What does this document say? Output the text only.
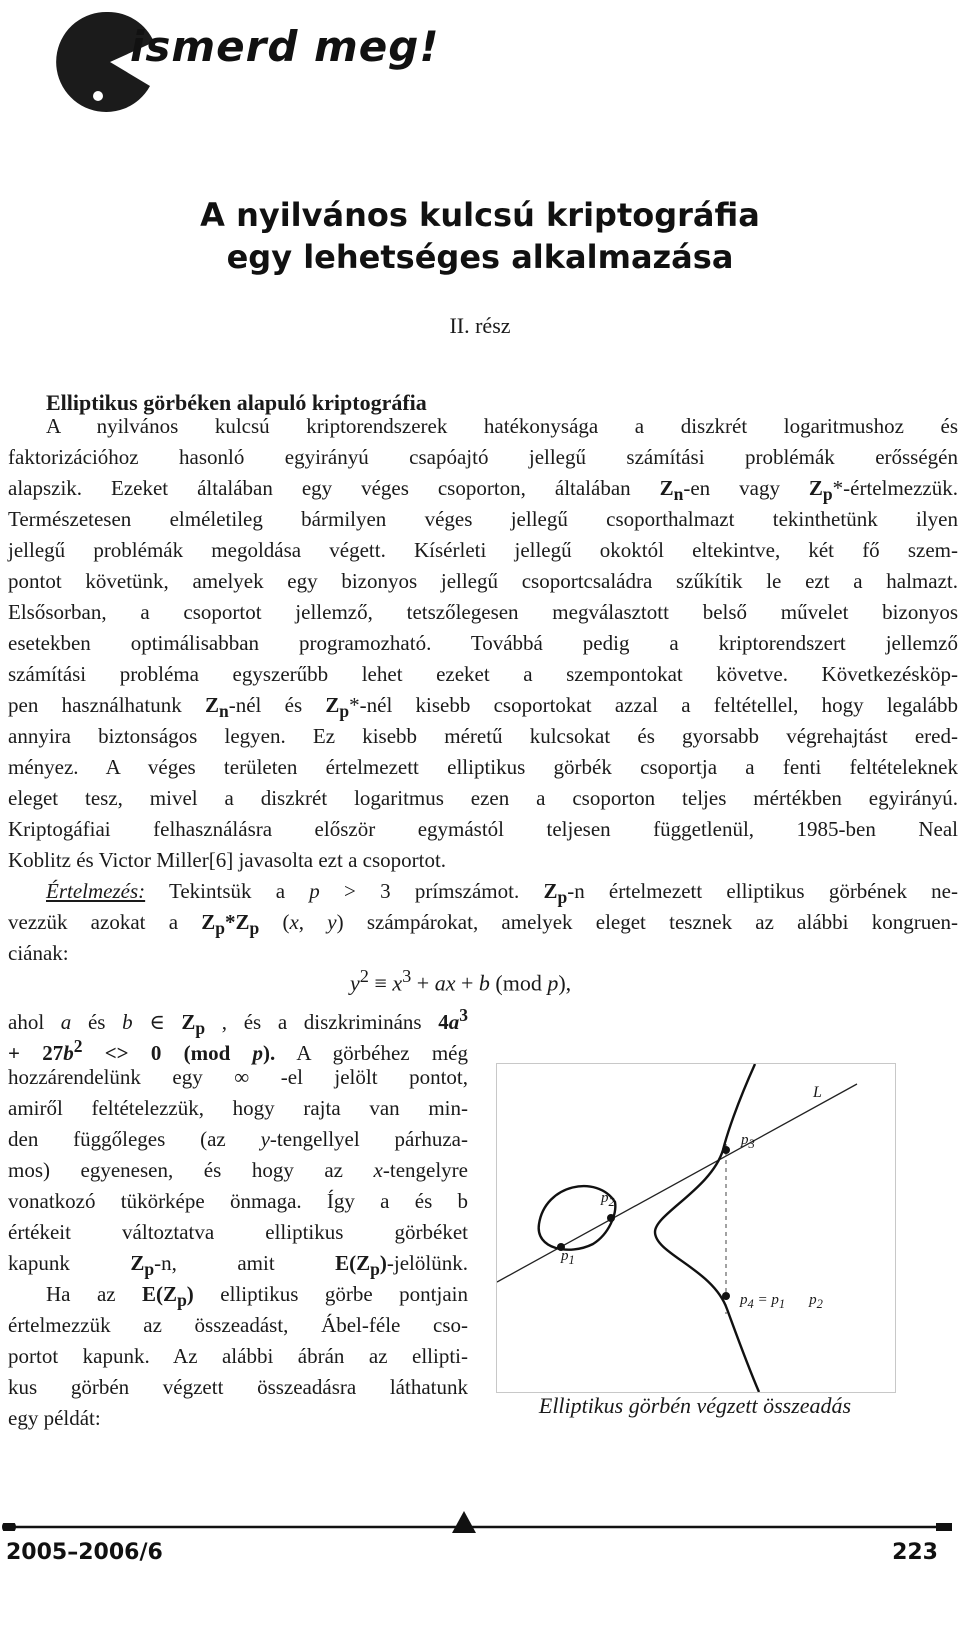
ismerd meg!
A nyilvános kulcsú kriptográfia
egy lehetséges alkalmazása
II. rész
Elliptikus görbéken alapuló kriptográfia
A nyilvános kulcsú kriptorendszerek hatékonysága a diszkrét logaritmushoz és
faktorizációhoz hasonló egyirányú csapóajtó jellegű számítási problémák erősségén
alapszik. Ezeket általában egy véges csoporton, általában $Z_n-en$ vagy $Z_p*$-értelmezzük.
Természetesen elméletileg bármilyen véges jellegű csoporthalmazt tekinthetünk ilyen
jellegű problémák megoldása végett. Kísérleti jellegű okoktól eltekintve, két fő szem-
pontot követünk, amelyek egy bizonyos jellegű csoportcsaládra szűkítik le ezt a halmazt.
Elsősorban, a csoportot jellemző, tetszőlegesen megválasztott belső művelet bizonyos
esetekben optimálisabban programozható. Továbbá pedig a kriptorendszert jellemző
számítási probléma egyszerűbb lehet ezeket a szempontokat követve. Következésköp-
pen használhatunk $Z_n$-nél és $Z_p*$-nél kisebb csoportokat azzal a feltétellel, hogy legalább
annyira biztonságos legyen. Ez kisebb méretű kulcsokat és gyorsabb végrehajtást ered-
ményez. A véges területen értelmezett elliptikus görbék csoportja a fenti feltételeknek
eleget tesz, mivel a diszkrét logaritmus ezen a csoporton teljes mértékben egyirányú.
Kriptogáfiai felhasználásra először egymástól teljesen függetlenül, 1985-ben Neal
Koblitz és Victor Miller[6] javasolta ezt a csoportot.
Értelmezés: Tekintsük a p > 3 prímszámot. $Z_p-n$ értelmezett elliptikus görbének ne-
vezzük azokat a $Z_p*Z_p$ (x, y) számpárokat, amelyek eleget tesznek az alábbi kongruen-
ciának:
$y^2 \equiv x^3$ + ax + b (mod p),
ahol a és b ∈ $Z_p$ , és a diszkrimináns $4a^3$
+ $27b^2 <> 0$ (mod p). A görbéhez még
hozzárendelünk egy ∞ -el jelölt pontot,
amiről feltételezzük, hogy rajta van min-
den függőleges (az y-tengellyel párhuza-
mos) egyenesen, és hogy az x-tengelyre
vonatkozó tükörképe önmaga. Így a és b
értékeit változtatva elliptikus görbéket
kapunk $Z_p-n$, amit $E(Z_p)$-jelölünk.
Ha az $E(Z_p)$ elliptikus görbe pontjain
értelmezzük az összeadást, Ábel-féle cso-
portot kapunk. Az alábbi ábrán az ellipti-
kus görbén végzett összeadásra láthatunk
egy példát:
L
$p_1$
$p_2$
$p_3$
$p_4 = p_1$ $p_2$
Elliptikus görbén végzett összeadás
2005–2006/6	223
